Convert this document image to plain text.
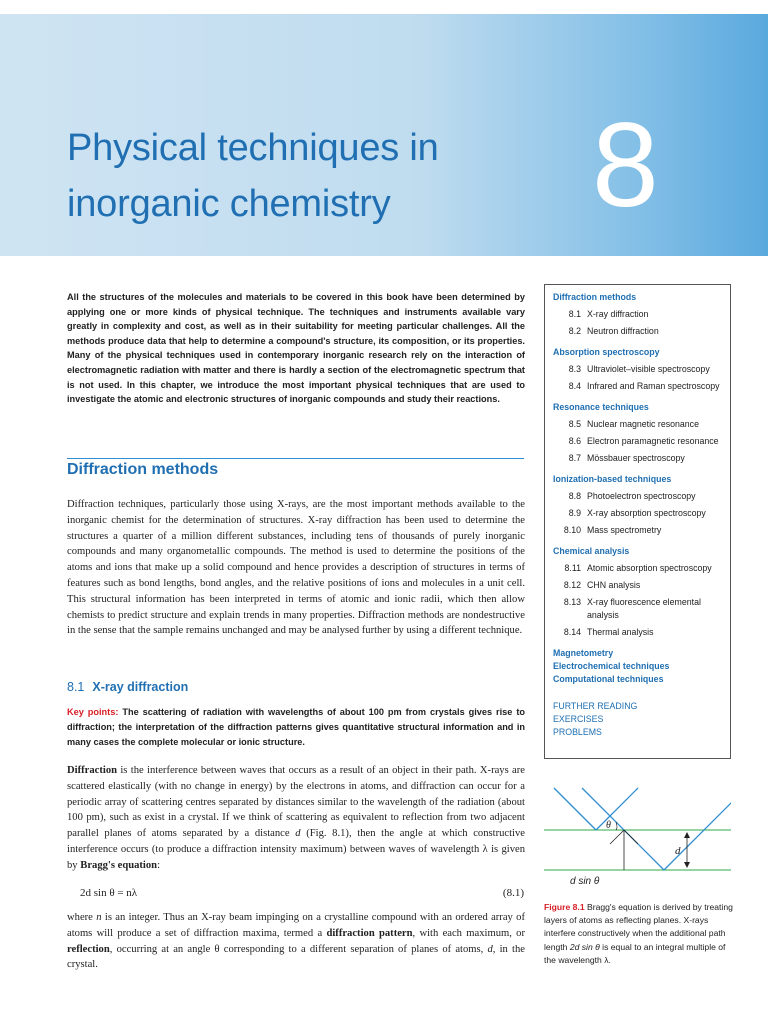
Physical techniques in
inorganic chemistry	8
All the structures of the molecules and materials to be covered in this book have been determined by applying one or more kinds of physical technique. The techniques and instruments available vary greatly in complexity and cost, as well as in their suitability for meeting particular challenges. All the methods produce data that help to determine a compound's structure, its composition, or its properties. Many of the physical techniques used in contemporary inorganic research rely on the interaction of electromagnetic radiation with matter and there is hardly a section of the electromagnetic spectrum that is not used. In this chapter, we introduce the most important physical techniques that are used to investigate the atomic and electronic structures of inorganic compounds and study their reactions.
Diffraction methods
Diffraction techniques, particularly those using X-rays, are the most important methods available to the inorganic chemist for the determination of structures. X-ray diffraction has been used to determine the structures a quarter of a million different substances, including tens of thousands of purely inorganic compounds and many organometallic compounds. The method is used to determine the positions of the atoms and ions that make up a solid compound and hence provides a description of structures in terms of features such as bond lengths, bond angles, and the relative positions of ions and molecules in a unit cell. This structural information has been interpreted in terms of atomic and ionic radii, which then allow chemists to predict structure and explain trends in many properties. Diffraction methods are nondestructive in the sense that the sample remains unchanged and may be analysed further by using a different technique.
8.1 X-ray diffraction
Key points: The scattering of radiation with wavelengths of about 100 pm from crystals gives rise to diffraction; the interpretation of the diffraction patterns gives quantitative structural information and in many cases the complete molecular or ionic structure.
Diffraction is the interference between waves that occurs as a result of an object in their path. X-rays are scattered elastically (with no change in energy) by the electrons in atoms, and diffraction can occur for a periodic array of scattering centres separated by distances similar to the wavelength of the radiation (about 100 pm), such as exist in a crystal. If we think of scattering as equivalent to reflection from two adjacent parallel planes of atoms separated by a distance d (Fig. 8.1), then the angle at which constructive interference occurs (to produce a diffraction intensity maximum) between waves of wavelength λ is given by Bragg's equation:
2d sin θ = nλ	(8.1)
where n is an integer. Thus an X-ray beam impinging on a crystalline compound with an ordered array of atoms will produce a set of diffraction maxima, termed a diffraction pattern, with each maximum, or reflection, occurring at an angle θ corresponding to a different separation of planes of atoms, d, in the crystal.
Diffraction methods
8.1 X-ray diffraction
8.2 Neutron diffraction
Absorption spectroscopy
8.3 Ultraviolet–visible spectroscopy
8.4 Infrared and Raman spectroscopy
Resonance techniques
8.5 Nuclear magnetic resonance
8.6 Electron paramagnetic resonance
8.7 Mössbauer spectroscopy
Ionization-based techniques
8.8 Photoelectron spectroscopy
8.9 X-ray absorption spectroscopy
8.10 Mass spectrometry
Chemical analysis
8.11 Atomic absorption spectroscopy
8.12 CHN analysis
8.13 X-ray fluorescence elemental analysis
8.14 Thermal analysis
Magnetometry
Electrochemical techniques
Computational techniques
FURTHER READING
EXERCISES
PROBLEMS
θ
d
d sin θ
Figure 8.1 Bragg's equation is derived by treating layers of atoms as reflecting planes. X-rays interfere constructively when the additional path length 2d sin θ is equal to an integral multiple of the wavelength λ.
